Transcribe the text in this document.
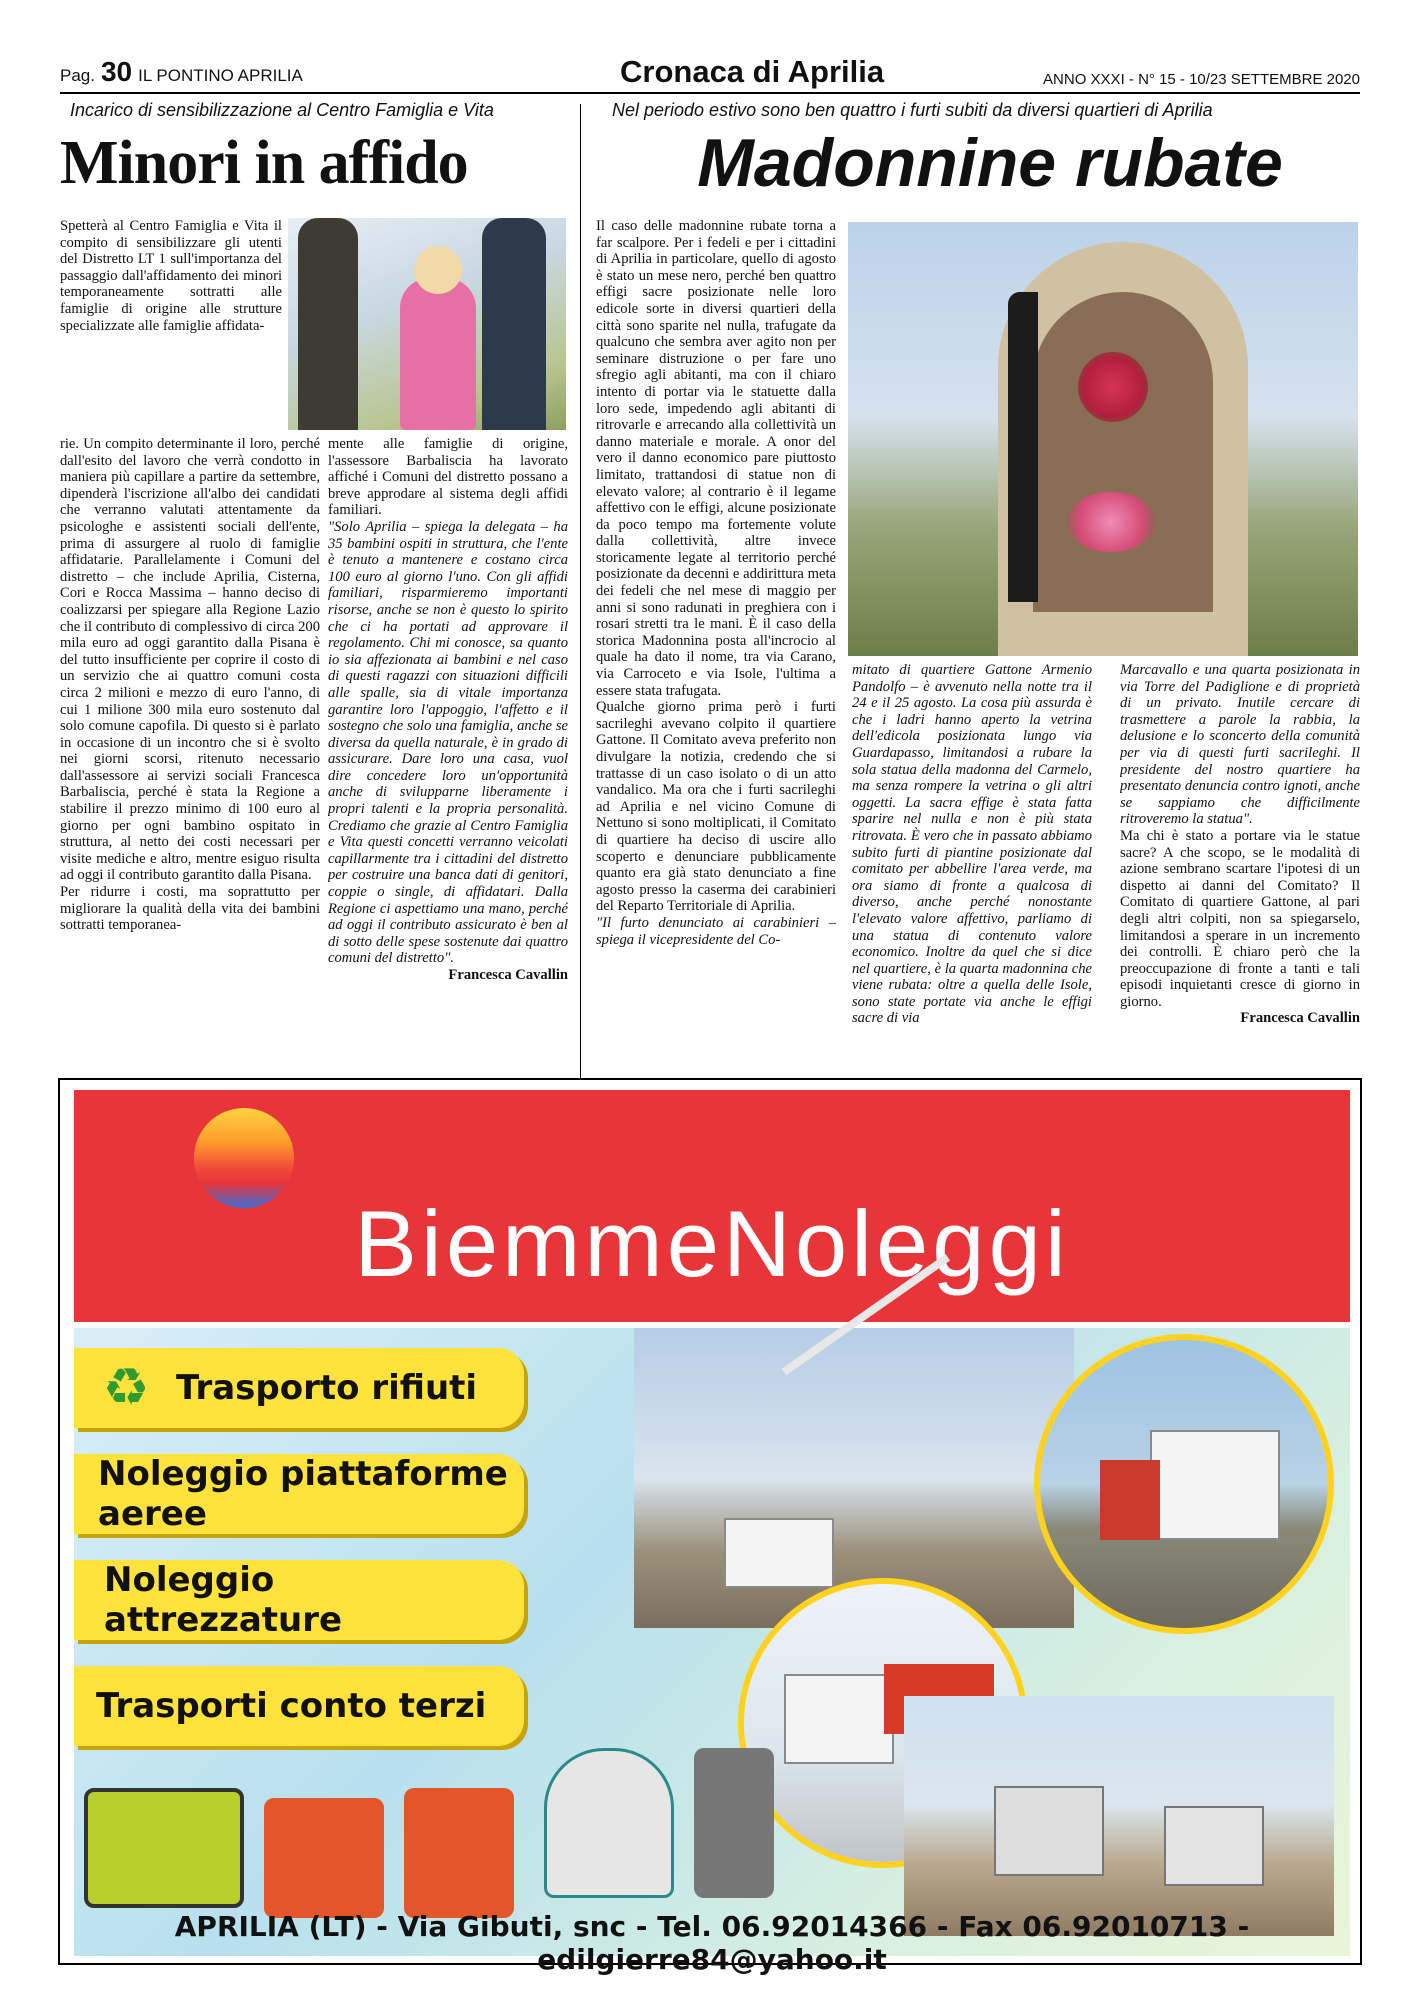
Pag. 30 IL PONTINO APRILIA	Cronaca di Aprilia	ANNO XXXI - N° 15 - 10/23 SETTEMBRE 2020
Incarico di sensibilizzazione al Centro Famiglia e Vita
Minori in affido

Spetterà al Centro Famiglia e Vita il compito di sensibilizzare gli utenti del Distretto LT 1 sull'importanza del passaggio dall'affidamento dei minori temporaneamente sottratti alle famiglie di origine alle strutture specializzate alle famiglie affidata-

rie. Un compito determinante il loro, perché dall'esito del lavoro che verrà condotto in maniera più capillare a partire da settembre, dipenderà l'iscrizione all'albo dei candidati che verranno valutati attentamente da psicologhe e assistenti sociali dell'ente, prima di assurgere al ruolo di famiglie affidatarie. Parallelamente i Comuni del distretto – che include Aprilia, Cisterna, Cori e Rocca Massima – hanno deciso di coalizzarsi per spiegare alla Regione Lazio che il contributo di complessivo di circa 200 mila euro ad oggi garantito dalla Pisana è del tutto insufficiente per coprire il costo di un servizio che ai quattro comuni costa circa 2 milioni e mezzo di euro l'anno, di cui 1 milione 300 mila euro sostenuto dal solo comune capofila. Di questo si è parlato in occasione di un incontro che si è svolto nei giorni scorsi, ritenuto necessario dall'assessore ai servizi sociali Francesca Barbaliscia, perché è stata la Regione a stabilire il prezzo minimo di 100 euro al giorno per ogni bambino ospitato in struttura, al netto dei costi necessari per visite mediche e altro, mentre esiguo risulta ad oggi il contributo garantito dalla Pisana.

Per ridurre i costi, ma soprattutto per migliorare la qualità della vita dei bambini sottratti temporanea-

mente alle famiglie di origine, l'assessore Barbaliscia ha lavorato affiché i Comuni del distretto possano a breve approdare al sistema degli affidi familiari.

"Solo Aprilia – spiega la delegata – ha 35 bambini ospiti in struttura, che l'ente è tenuto a mantenere e costano circa 100 euro al giorno l'uno. Con gli affidi familiari, risparmieremo importanti risorse, anche se non è questo lo spirito che ci ha portati ad approvare il regolamento. Chi mi conosce, sa quanto io sia affezionata ai bambini e nel caso di questi ragazzi con situazioni difficili alle spalle, sia di vitale importanza garantire loro l'appoggio, l'affetto e il sostegno che solo una famiglia, anche se diversa da quella naturale, è in grado di assicurare. Dare loro una casa, vuol dire concedere loro un'opportunità anche di svilupparne liberamente i propri talenti e la propria personalità. Crediamo che grazie al Centro Famiglia e Vita questi concetti verranno veicolati capillarmente tra i cittadini del distretto per costruire una banca dati di genitori, coppie o single, di affidatari. Dalla Regione ci aspettiamo una mano, perché ad oggi il contributo assicurato è ben al di sotto delle spese sostenute dai quattro comuni del distretto".

Francesca Cavallin

Nel periodo estivo sono ben quattro i furti subiti da diversi quartieri di Aprilia
Madonnine rubate

Il caso delle madonnine rubate torna a far scalpore. Per i fedeli e per i cittadini di Aprilia in particolare, quello di agosto è stato un mese nero, perché ben quattro effigi sacre posizionate nelle loro edicole sorte in diversi quartieri della città sono sparite nel nulla, trafugate da qualcuno che sembra aver agito non per seminare distruzione o per fare uno sfregio agli abitanti, ma con il chiaro intento di portar via le statuette dalla loro sede, impedendo agli abitanti di ritrovarle e arrecando alla collettività un danno materiale e morale. A onor del vero il danno economico pare piuttosto limitato, trattandosi di statue non di elevato valore; al contrario è il legame affettivo con le effigi, alcune posizionate da poco tempo ma fortemente volute dalla collettività, altre invece storicamente legate al territorio perché posizionate da decenni e addirittura meta dei fedeli che nel mese di maggio per anni si sono radunati in preghiera con i rosari stretti tra le mani. È il caso della storica Madonnina posta all'incrocio al quale ha dato il nome, tra via Carano, via Carroceto e via Isole, l'ultima a essere stata trafugata.

Qualche giorno prima però i furti sacrileghi avevano colpito il quartiere Gattone. Il Comitato aveva preferito non divulgare la notizia, credendo che si trattasse di un caso isolato o di un atto vandalico. Ma ora che i furti sacrileghi ad Aprilia e nel vicino Comune di Nettuno si sono moltiplicati, il Comitato di quartiere ha deciso di uscire allo scoperto e denunciare pubblicamente quanto era già stato denunciato a fine agosto presso la caserma dei carabinieri del Reparto Territoriale di Aprilia.

"Il furto denunciato ai carabinieri – spiega il vicepresidente del Co-

mitato di quartiere Gattone Armenio Pandolfo – è avvenuto nella notte tra il 24 e il 25 agosto. La cosa più assurda è che i ladri hanno aperto la vetrina dell'edicola posizionata lungo via Guardapasso, limitandosi a rubare la sola statua della madonna del Carmelo, ma senza rompere la vetrina o gli altri oggetti. La sacra effige è stata fatta sparire nel nulla e non è più stata ritrovata. È vero che in passato abbiamo subito furti di piantine posizionate dal comitato per abbellire l'area verde, ma ora siamo di fronte a qualcosa di diverso, anche perché nonostante l'elevato valore affettivo, parliamo di una statua di contenuto valore economico. Inoltre da quel che si dice nel quartiere, è la quarta madonnina che viene rubata: oltre a quella delle Isole, sono state portate via anche le effigi sacre di via

Marcavallo e una quarta posizionata in via Torre del Padiglione e di proprietà di un privato. Inutile cercare di trasmettere a parole la rabbia, la delusione e lo sconcerto della comunità per via di questi furti sacrileghi. Il presidente del nostro quartiere ha presentato denuncia contro ignoti, anche se sappiamo che difficilmente ritroveremo la statua".

Ma chi è stato a portare via le statue sacre? A che scopo, se le modalità di azione sembrano scartare l'ipotesi di un dispetto ai danni del Comitato? Il Comitato di quartiere Gattone, al pari degli altri colpiti, non sa spiegarselo, limitandosi a sperare in un incremento dei controlli. È chiaro però che la preoccupazione di fronte a tanti e tali episodi inquietanti cresce di giorno in giorno.

Francesca Cavallin

BiemmeNoleggi
♻ Trasporto rifiuti
Noleggio piattaforme aeree
Noleggio attrezzature
Trasporti conto terzi
APRILIA (LT) - Via Gibuti, snc - Tel. 06.92014366 - Fax 06.92010713 - edilgierre84@yahoo.it
